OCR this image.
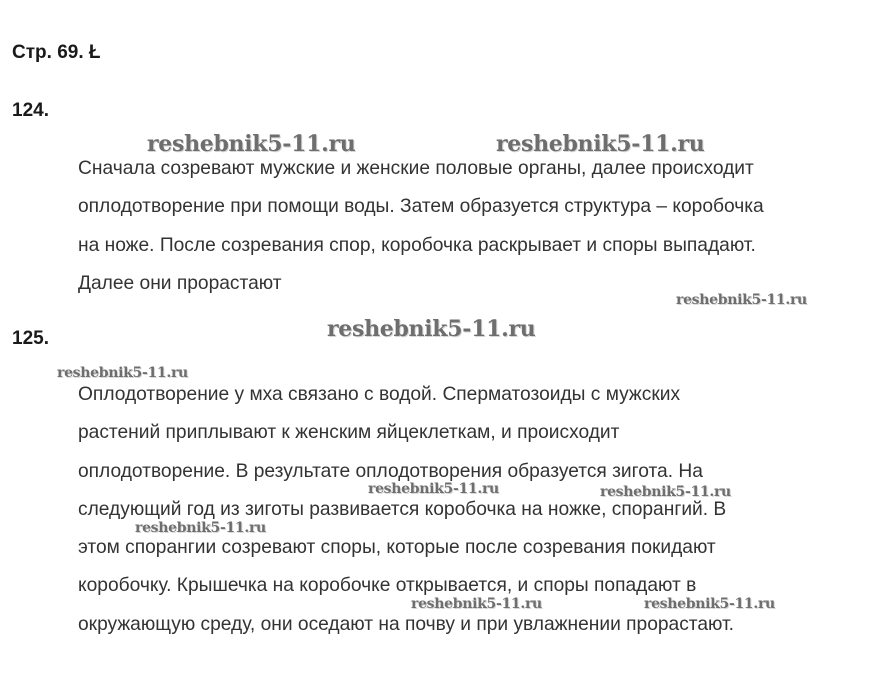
Стр. 69. Ł
124.
Сначала созревают мужские и женские половые органы, далее происходит
оплодотворение при помощи воды. Затем образуется структура – коробочка
на ноже. После созревания спор, коробочка раскрывает и споры выпадают.
Далее они прорастают
125.
Оплодотворение у мха связано с водой. Сперматозоиды с мужских
растений приплывают к женским яйцеклеткам, и происходит
оплодотворение. В результате оплодотворения образуется зигота. На
следующий год из зиготы развивается коробочка на ножке, спорангий. В
этом спорангии созревают споры, которые после созревания покидают
коробочку. Крышечка на коробочке открывается, и споры попадают в
окружающую среду, они оседают на почву и при увлажнении прорастают.
reshebnik5-11.ru	reshebnik5-11.ru
reshebnik5-11.ru
reshebnik5-11.ru
reshebnik5-11.ru
reshebnik5-11.ru	reshebnik5-11.ru
reshebnik5-11.ru
reshebnik5-11.ru	reshebnik5-11.ru
